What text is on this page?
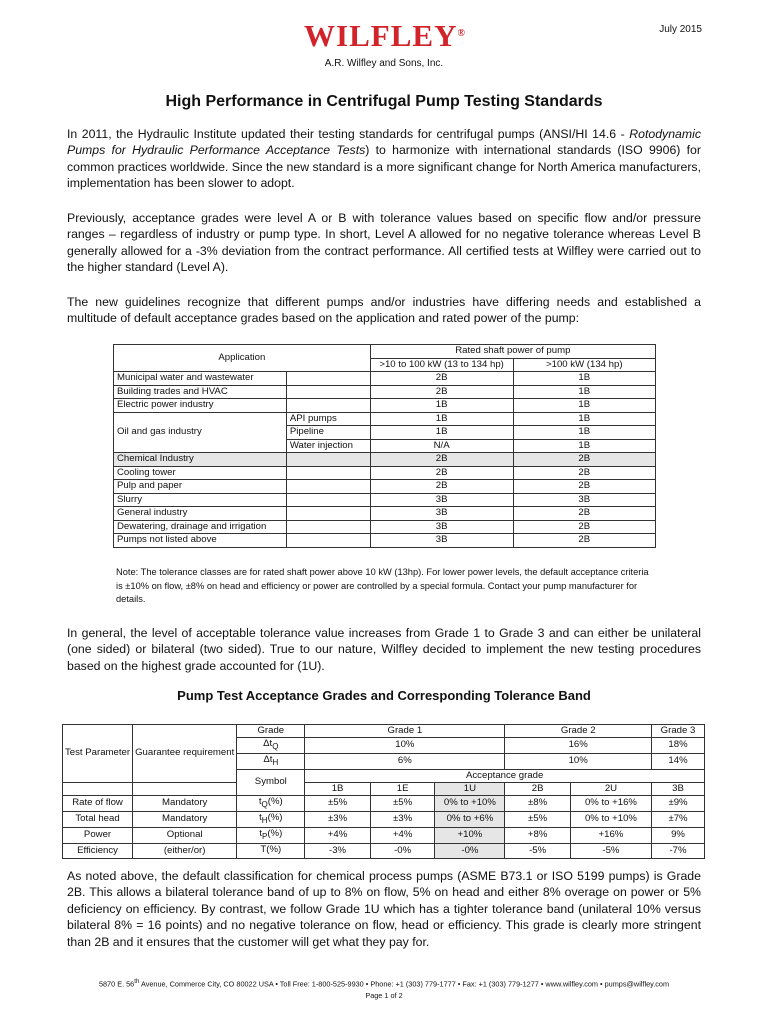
WILFLEY®	July 2015
A.R. Wilfley and Sons, Inc.
High Performance in Centrifugal Pump Testing Standards

In 2011, the Hydraulic Institute updated their testing standards for centrifugal pumps (ANSI/HI 14.6 - Rotodynamic Pumps for Hydraulic Performance Acceptance Tests) to harmonize with international standards (ISO 9906) for common practices worldwide. Since the new standard is a more significant change for North America manufacturers, implementation has been slower to adopt.

Previously, acceptance grades were level A or B with tolerance values based on specific flow and/or pressure ranges – regardless of industry or pump type. In short, Level A allowed for no negative tolerance whereas Level B generally allowed for a -3% deviation from the contract performance. All certified tests at Wilfley were carried out to the higher standard (Level A).

The new guidelines recognize that different pumps and/or industries have differing needs and established a multitude of default acceptance grades based on the application and rated power of the pump:

Application		Rated shaft power of pump	
		>10 to 100 kW (13 to 134 hp)	>100 kW (134 hp)
Municipal water and wastewater		2B	1B
Building trades and HVAC		2B	1B
Electric power industry		1B	1B
Oil and gas industry	API pumps	1B	1B
	Pipeline	1B	1B
	Water injection	N/A	1B
Chemical Industry		2B	2B
Cooling tower		2B	2B
Pulp and paper		2B	2B
Slurry		3B	3B
General industry		3B	2B
Dewatering, drainage and irrigation		3B	2B
Pumps not listed above		3B	2B

Note: The tolerance classes are for rated shaft power above 10 kW (13hp). For lower power levels, the default acceptance criteria is ±10% on flow, ±8% on head and efficiency or power are controlled by a special formula. Contact your pump manufacturer for details.

In general, the level of acceptable tolerance value increases from Grade 1 to Grade 3 and can either be unilateral (one sided) or bilateral (two sided). True to our nature, Wilfley decided to implement the new testing procedures based on the highest grade accounted for (1U).

Pump Test Acceptance Grades and Corresponding Tolerance Band
Test Parameter	Guarantee requirement	Grade	Grade 1			Grade 2		Grade 3
		$\Delta t_Q$	10%			16%		18%
		$\Delta t_H$	6%			10%		14%
		Symbol	Acceptance grade					
			1B	1E	1U	2B	2U	3B
Rate of flow	Mandatory	$t_Q(\%)$	±5%	±5%	0% to +10%	±8%	0% to +16%	±9%
Total head	Mandatory	$t_H(\%)$	±3%	±3%	0% to +6%	±5%	0% to +10%	±7%
Power	Optional	$t_P(\%)$	+4%	+4%	+10%	+8%	+16%	9%
Efficiency	(either/or)	T(%)	-3%	-0%	-0%	-5%	-5%	-7%

As noted above, the default classification for chemical process pumps (ASME B73.1 or ISO 5199 pumps) is Grade 2B. This allows a bilateral tolerance band of up to 8% on flow, 5% on head and either 8% overage on power or 5% deficiency on efficiency. By contrast, we follow Grade 1U which has a tighter tolerance band (unilateral 10% versus bilateral 8% = 16 points) and no negative tolerance on flow, head or efficiency. This grade is clearly more stringent than 2B and it ensures that the customer will get what they pay for.

5870 E. 56th Avenue, Commerce City, CO 80022 USA • Toll Free: 1-800-525-9930 • Phone: +1 (303) 779-1777 • Fax: +1 (303) 779-1277 • www.wilfley.com • pumps@wilfley.com
Page 1 of 2
